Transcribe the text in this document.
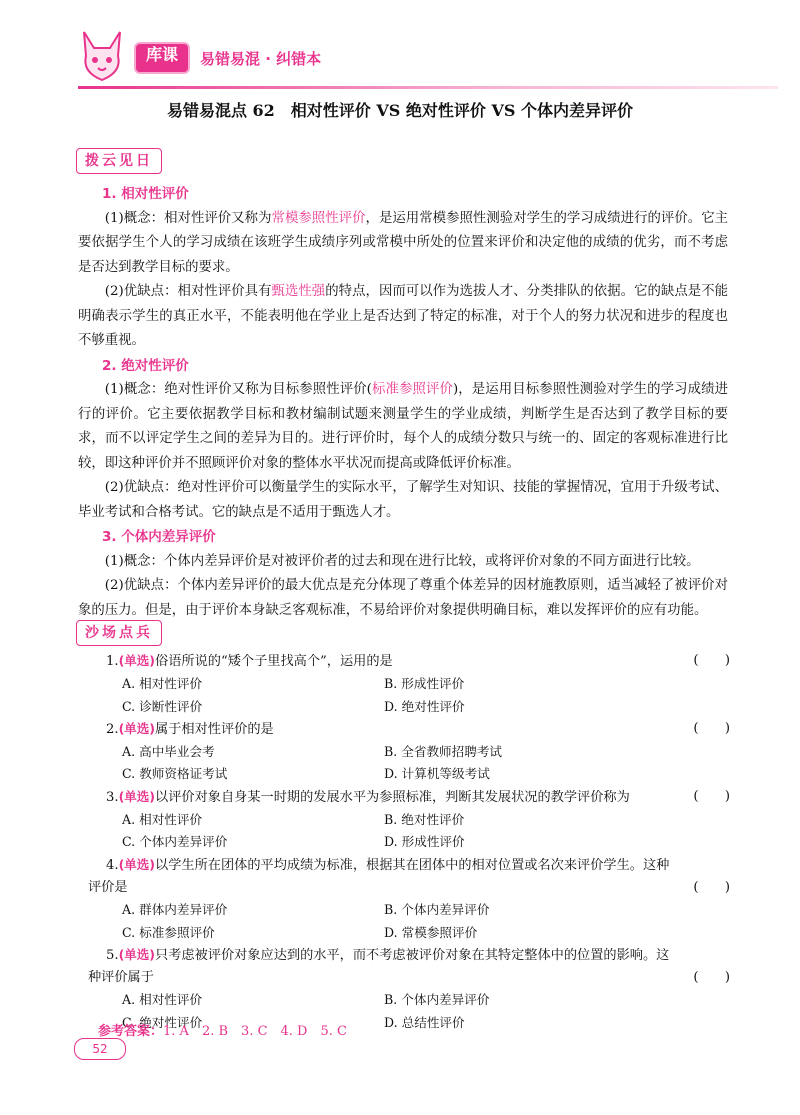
库课
Kuke Life
易错易混 · 纠错本
易错易混点 62　相对性评价 VS 绝对性评价 VS 个体内差异评价
拨云见日
1. 相对性评价
(1)概念：相对性评价又称为常模参照性评价，是运用常模参照性测验对学生的学习成绩进行的评价。它主要依据学生个人的学习成绩在该班学生成绩序列或常模中所处的位置来评价和决定他的成绩的优劣，而不考虑是否达到教学目标的要求。
(2)优缺点：相对性评价具有甄选性强的特点，因而可以作为选拔人才、分类排队的依据。它的缺点是不能明确表示学生的真正水平，不能表明他在学业上是否达到了特定的标准，对于个人的努力状况和进步的程度也不够重视。
2. 绝对性评价
(1)概念：绝对性评价又称为目标参照性评价(标准参照评价)，是运用目标参照性测验对学生的学习成绩进行的评价。它主要依据教学目标和教材编制试题来测量学生的学业成绩，判断学生是否达到了教学目标的要求，而不以评定学生之间的差异为目的。进行评价时，每个人的成绩分数只与统一的、固定的客观标准进行比较，即这种评价并不照顾评价对象的整体水平状况而提高或降低评价标准。
(2)优缺点：绝对性评价可以衡量学生的实际水平，了解学生对知识、技能的掌握情况，宜用于升级考试、毕业考试和合格考试。它的缺点是不适用于甄选人才。
3. 个体内差异评价
(1)概念：个体内差异评价是对被评价者的过去和现在进行比较，或将评价对象的不同方面进行比较。
(2)优缺点：个体内差异评价的最大优点是充分体现了尊重个体差异的因材施教原则，适当减轻了被评价对象的压力。但是，由于评价本身缺乏客观标准，不易给评价对象提供明确目标，难以发挥评价的应有功能。
沙场点兵
1.(单选)俗语所说的“矮个子里找高个”，运用的是	(　　)
A. 相对性评价	B. 形成性评价
C. 诊断性评价	D. 绝对性评价
2.(单选)属于相对性评价的是	(　　)
A. 高中毕业会考	B. 全省教师招聘考试
C. 教师资格证考试	D. 计算机等级考试
3.(单选)以评价对象自身某一时期的发展水平为参照标准，判断其发展状况的教学评价称为	(　　)
A. 相对性评价	B. 绝对性评价
C. 个体内差异评价	D. 形成性评价
4.(单选)以学生所在团体的平均成绩为标准，根据其在团体中的相对位置或名次来评价学生。这种
评价是	(　　)
A. 群体内差异评价	B. 个体内差异评价
C. 标准参照评价	D. 常模参照评价
5.(单选)只考虑被评价对象应达到的水平，而不考虑被评价对象在其特定整体中的位置的影响。这
种评价属于	(　　)
A. 相对性评价	B. 个体内差异评价
C. 绝对性评价	D. 总结性评价
参考答案：1. A　2. B　3. C　4. D　5. C
52
